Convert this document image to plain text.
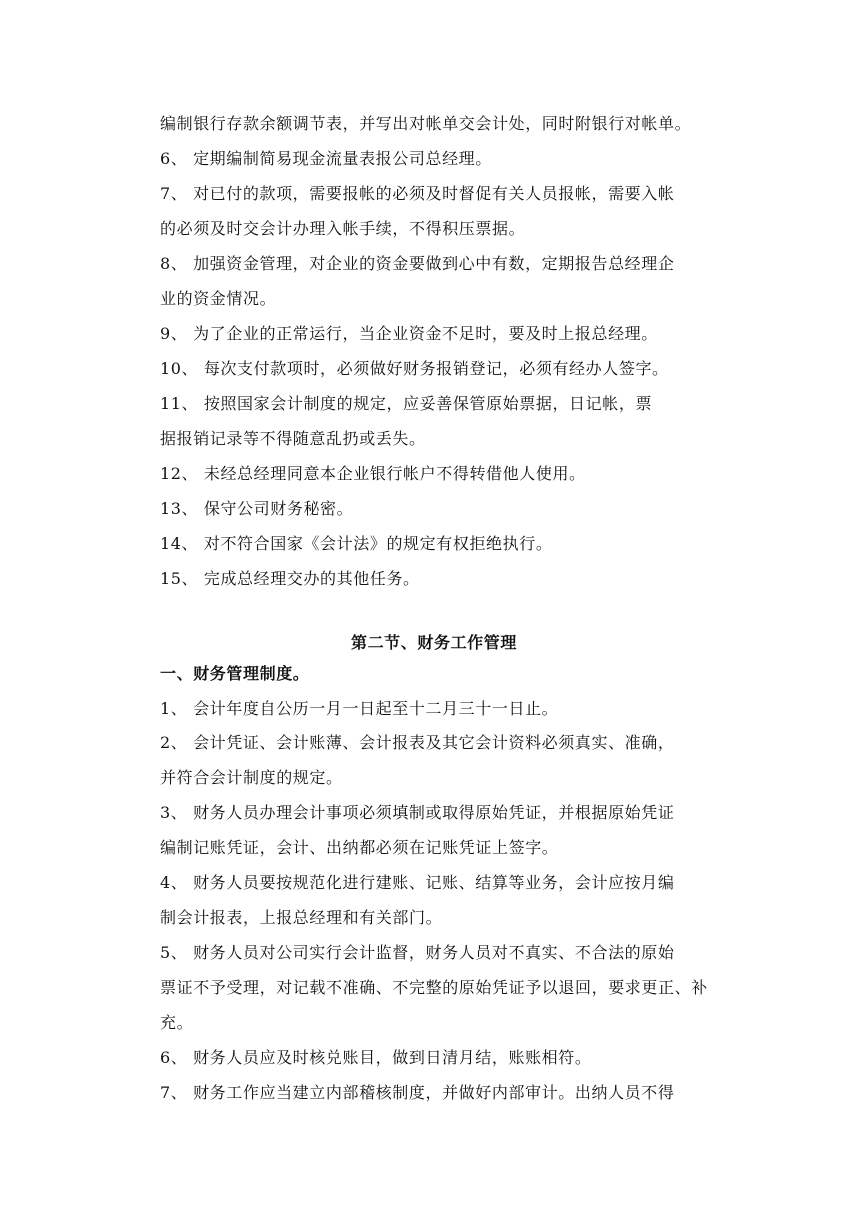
编制银行存款余额调节表，并写出对帐单交会计处，同时附银行对帐单。
6、 定期编制简易现金流量表报公司总经理。
7、 对已付的款项，需要报帐的必须及时督促有关人员报帐，需要入帐
的必须及时交会计办理入帐手续，不得积压票据。
8、 加强资金管理，对企业的资金要做到心中有数，定期报告总经理企
业的资金情况。
9、 为了企业的正常运行，当企业资金不足时，要及时上报总经理。
10、 每次支付款项时，必须做好财务报销登记，必须有经办人签字。
11、 按照国家会计制度的规定，应妥善保管原始票据，日记帐，票
据报销记录等不得随意乱扔或丢失。
12、 未经总经理同意本企业银行帐户不得转借他人使用。
13、 保守公司财务秘密。
14、 对不符合国家《会计法》的规定有权拒绝执行。
15、 完成总经理交办的其他任务。
第二节、财务工作管理
一、财务管理制度。
1、 会计年度自公历一月一日起至十二月三十一日止。
2、 会计凭证、会计账薄、会计报表及其它会计资料必须真实、准确，
并符合会计制度的规定。
3、 财务人员办理会计事项必须填制或取得原始凭证，并根据原始凭证
编制记账凭证，会计、出纳都必须在记账凭证上签字。
4、 财务人员要按规范化进行建账、记账、结算等业务，会计应按月编
制会计报表，上报总经理和有关部门。
5、 财务人员对公司实行会计监督，财务人员对不真实、不合法的原始
票证不予受理，对记载不准确、不完整的原始凭证予以退回，要求更正、补
充。
6、 财务人员应及时核兑账目，做到日清月结，账账相符。
7、 财务工作应当建立内部稽核制度，并做好内部审计。出纳人员不得
